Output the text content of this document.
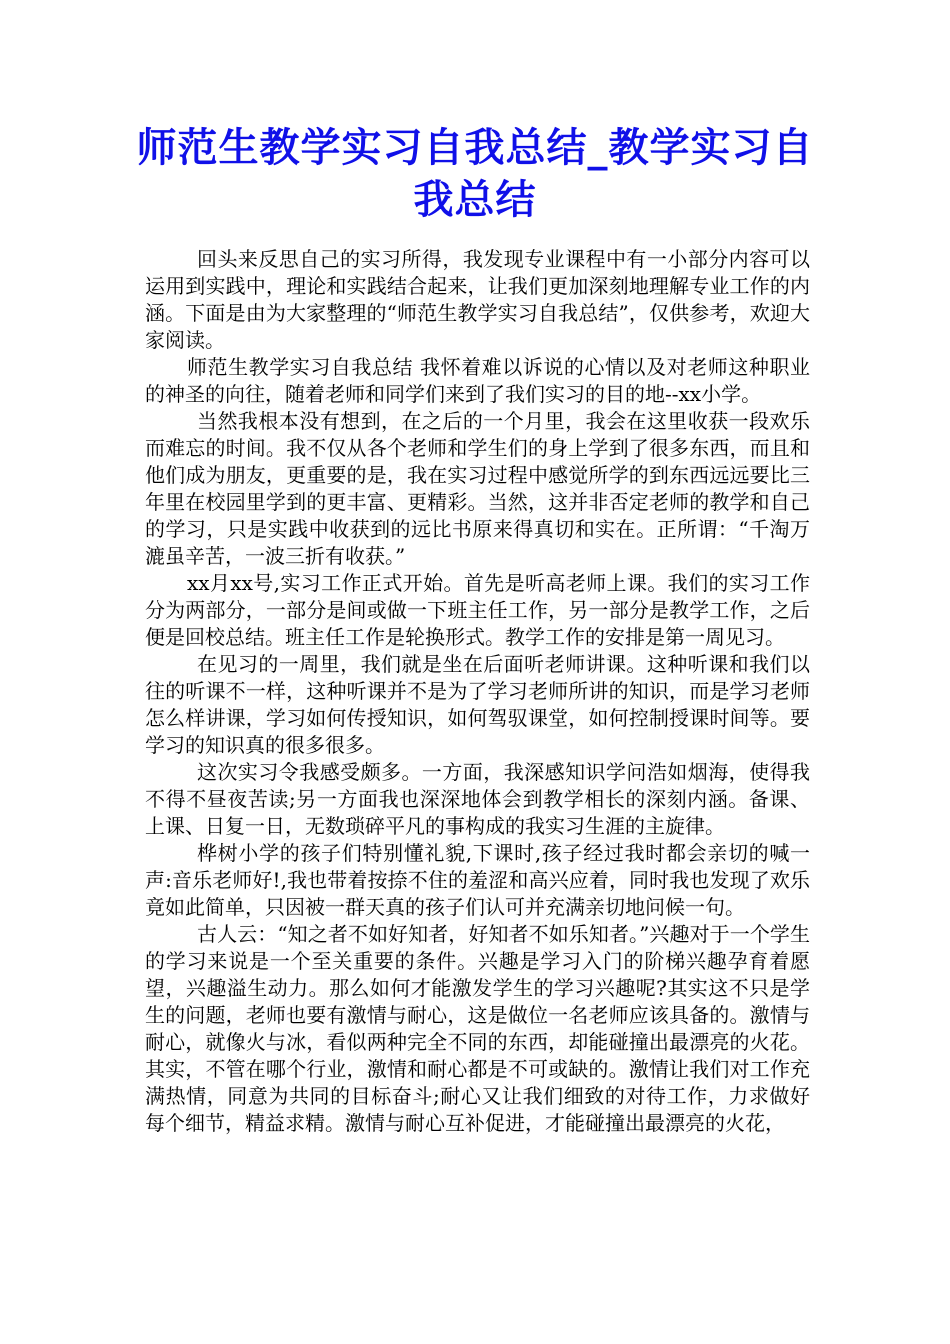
师范生教学实习自我总结_教学实习自我总结

回头来反思自己的实习所得，我发现专业课程中有一小部分内容可以运用到实践中，理论和实践结合起来，让我们更加深刻地理解专业工作的内涵。下面是由为大家整理的“师范生教学实习自我总结”，仅供参考，欢迎大家阅读。

师范生教学实习自我总结 我怀着难以诉说的心情以及对老师这种职业的神圣的向往，随着老师和同学们来到了我们实习的目的地--xx小学。

当然我根本没有想到，在之后的一个月里，我会在这里收获一段欢乐而难忘的时间。我不仅从各个老师和学生们的身上学到了很多东西，而且和他们成为朋友，更重要的是，我在实习过程中感觉所学的到东西远远要比三年里在校园里学到的更丰富、更精彩。当然，这并非否定老师的教学和自己的学习，只是实践中收获到的远比书原来得真切和实在。正所谓：“千淘万漉虽辛苦，一波三折有收获。”

xx月xx号,实习工作正式开始。首先是听高老师上课。我们的实习工作分为两部分，一部分是间或做一下班主任工作，另一部分是教学工作，之后便是回校总结。班主任工作是轮换形式。教学工作的安排是第一周见习。

在见习的一周里，我们就是坐在后面听老师讲课。这种听课和我们以往的听课不一样，这种听课并不是为了学习老师所讲的知识，而是学习老师怎么样讲课，学习如何传授知识，如何驾驭课堂，如何控制授课时间等。要学习的知识真的很多很多。

这次实习令我感受颇多。一方面，我深感知识学问浩如烟海，使得我不得不昼夜苦读;另一方面我也深深地体会到教学相长的深刻内涵。备课、上课、日复一日，无数琐碎平凡的事构成的我实习生涯的主旋律。

桦树小学的孩子们特别懂礼貌,下课时,孩子经过我时都会亲切的喊一声:音乐老师好!,我也带着按捺不住的羞涩和高兴应着，同时我也发现了欢乐竟如此简单，只因被一群天真的孩子们认可并充满亲切地问候一句。

古人云：“知之者不如好知者，好知者不如乐知者。”兴趣对于一个学生的学习来说是一个至关重要的条件。兴趣是学习入门的阶梯兴趣孕育着愿望，兴趣溢生动力。那么如何才能激发学生的学习兴趣呢?其实这不只是学生的问题，老师也要有激情与耐心，这是做位一名老师应该具备的。激情与耐心，就像火与冰，看似两种完全不同的东西，却能碰撞出最漂亮的火花。其实，不管在哪个行业，激情和耐心都是不可或缺的。激情让我们对工作充满热情，同意为共同的目标奋斗;耐心又让我们细致的对待工作，力求做好每个细节，精益求精。激情与耐心互补促进，才能碰撞出最漂亮的火花，
